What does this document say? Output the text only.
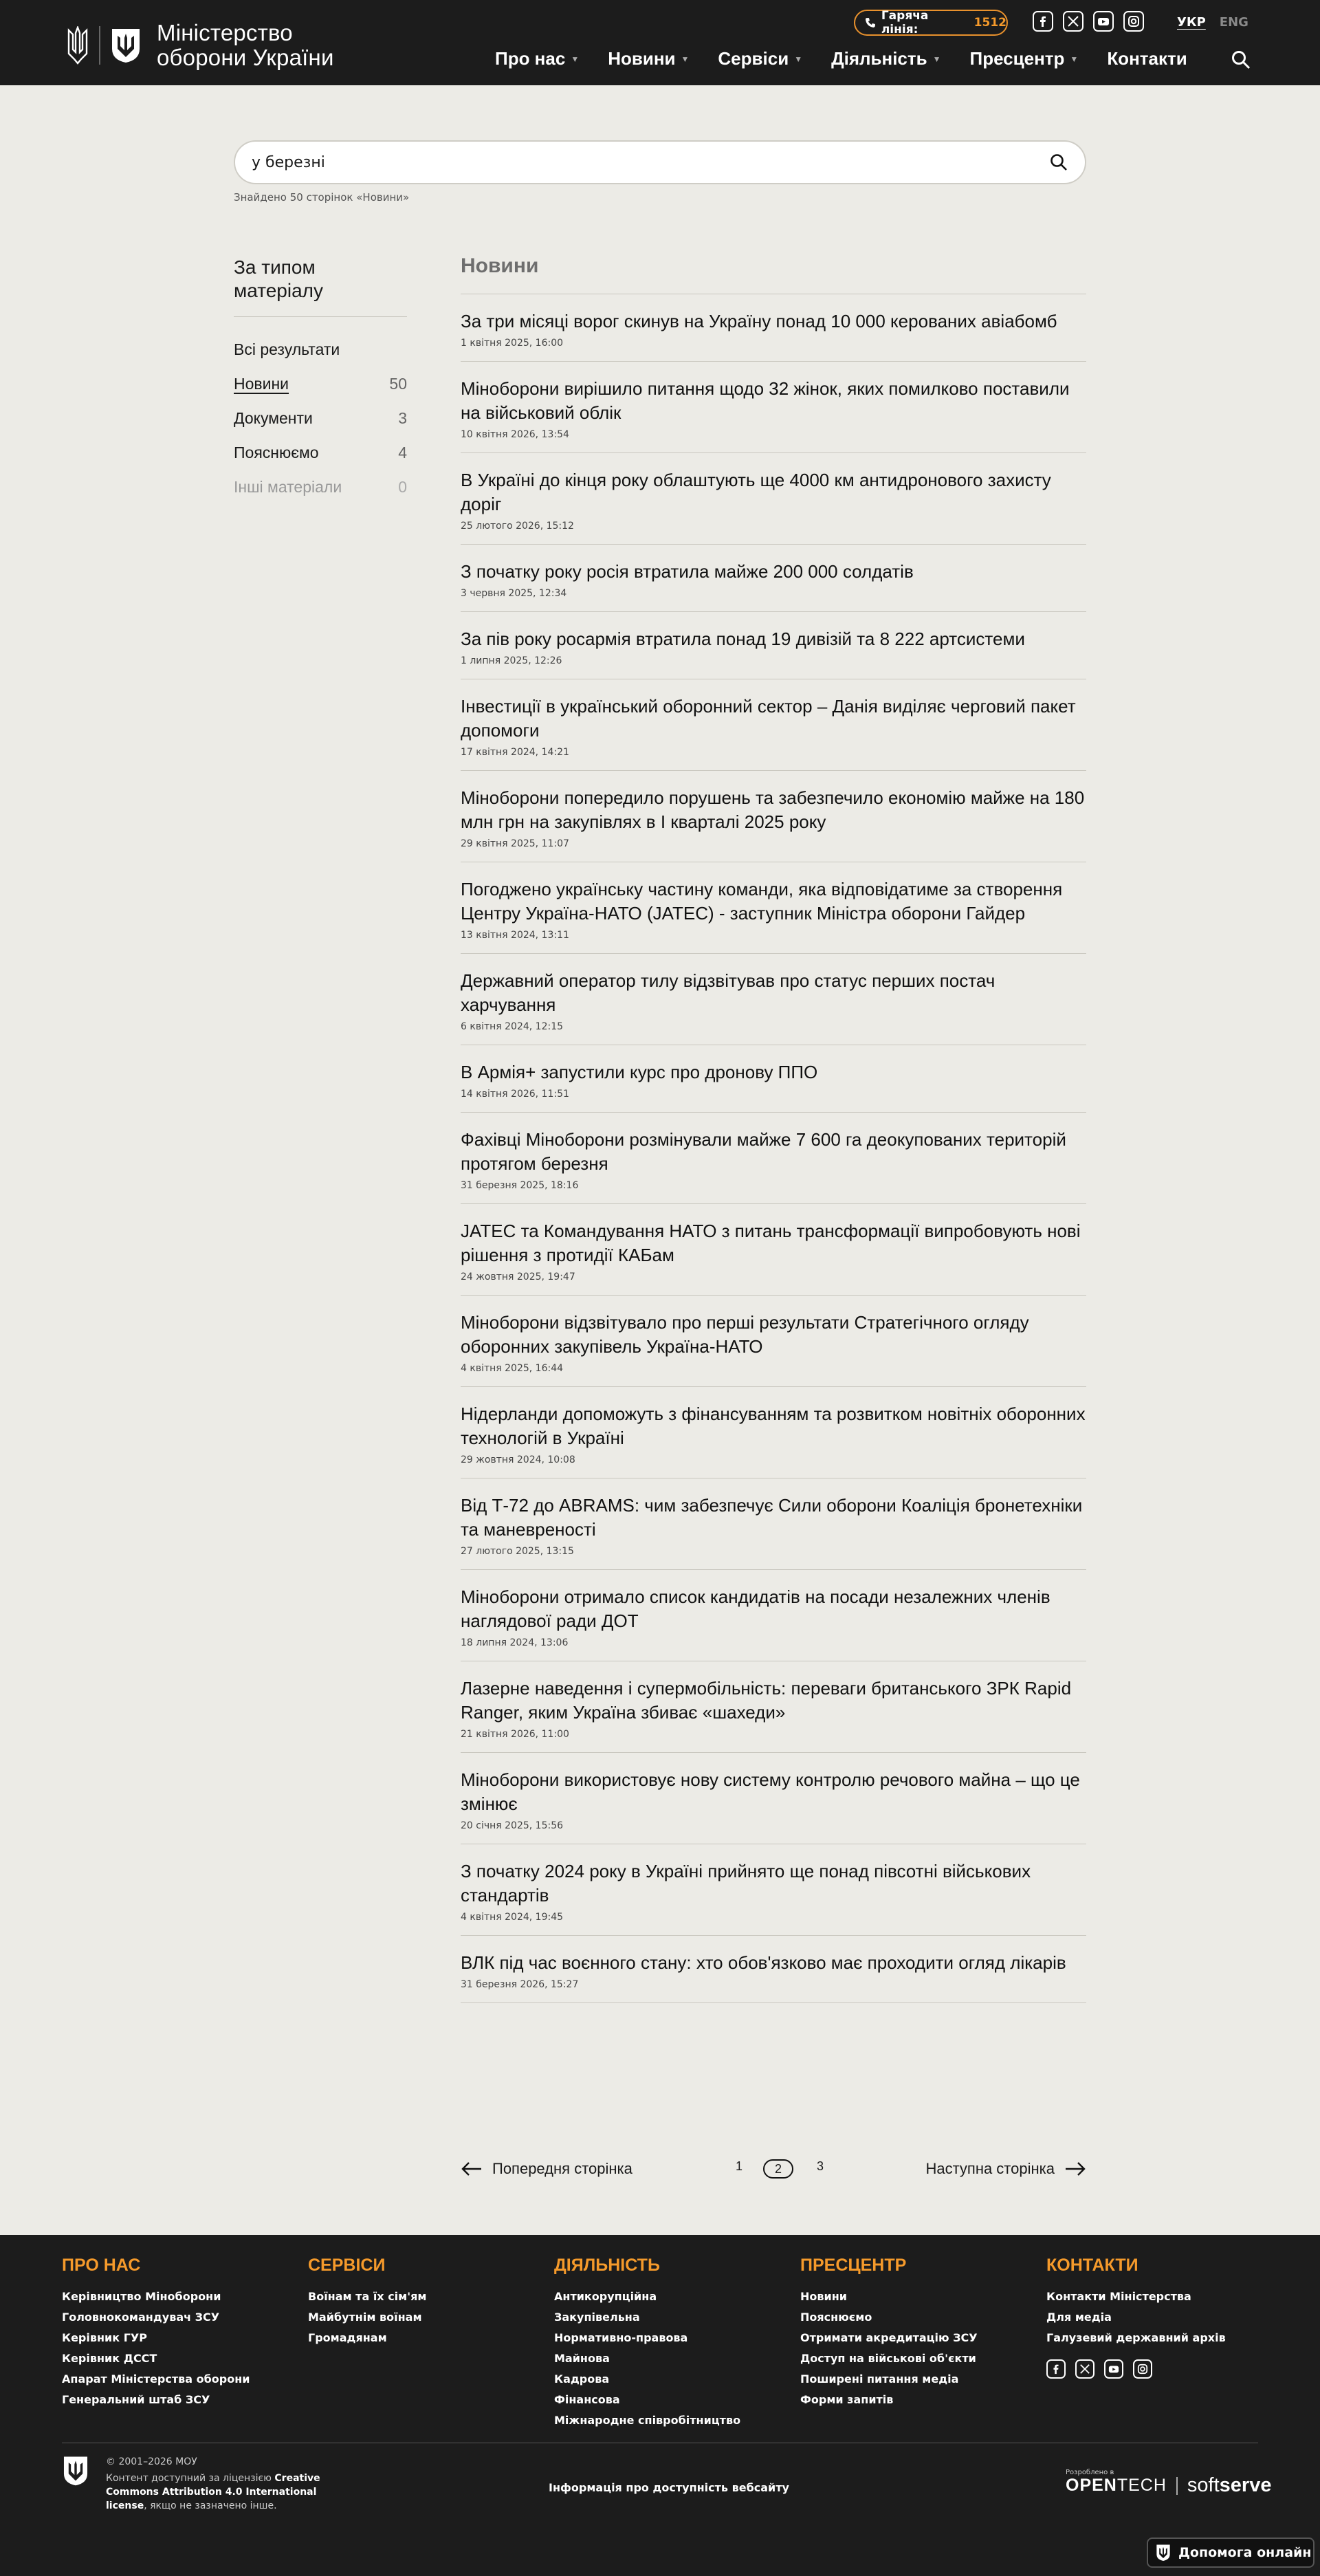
Міністерство
оборони України
Гаряча лінія:	1512	УКР ENG
Про нас ▼ Новини ▼ Сервіси ▼ Діяльність ▼ Пресцентр ▼ Контакти
у березні
Знайдено 50 сторінок «Новини»
За типом матеріалу
Всі результати
Новини	50
Документи	3
Пояснюємо	4
Інші матеріали	0
Новини
За три місяці ворог скинув на Україну понад 10 000 керованих авіабомб
1 квітня 2025, 16:00
Міноборони вирішило питання щодо 32 жінок, яких помилково поставили на військовий облік
10 квітня 2026, 13:54
В Україні до кінця року облаштують ще 4000 км антидронового захисту доріг
25 лютого 2026, 15:12
З початку року росія втратила майже 200 000 солдатів
3 червня 2025, 12:34
За пів року росармія втратила понад 19 дивізій та 8 222 артсистеми
1 липня 2025, 12:26
Інвестиції в український оборонний сектор – Данія виділяє черговий пакет допомоги
17 квітня 2024, 14:21
Міноборони попередило порушень та забезпечило економію майже на 180 млн грн на закупівлях в І кварталі 2025 року
29 квітня 2025, 11:07
Погоджено українську частину команди, яка відповідатиме за створення Центру Україна-НАТО (JATEC) - заступник Міністра оборони Гайдер
13 квітня 2024, 13:11
Державний оператор тилу відзвітував про статус перших постач харчування
6 квітня 2024, 12:15
В Армія+ запустили курс про дронову ППО
14 квітня 2026, 11:51
Фахівці Міноборони розмінували майже 7 600 га деокупованих територій протягом березня
31 березня 2025, 18:16
JATEC та Командування НАТО з питань трансформації випробовують нові рішення з протидії КАБам
24 жовтня 2025, 19:47
Міноборони відзвітувало про перші результати Стратегічного огляду оборонних закупівель Україна-НАТО
4 квітня 2025, 16:44
Нідерланди допоможуть з фінансуванням та розвитком новітніх оборонних технологій в Україні
29 жовтня 2024, 10:08
Від Т-72 до ABRAMS: чим забезпечує Сили оборони Коаліція бронетехніки та маневреності
27 лютого 2025, 13:15
Міноборони отримало список кандидатів на посади незалежних членів наглядової ради ДОТ
18 липня 2024, 13:06
Лазерне наведення і супермобільність: переваги британського ЗРК Rapid Ranger, яким Україна збиває «шахеди»
21 квітня 2026, 11:00
Міноборони використовує нову систему контролю речового майна – що це змінює
20 січня 2025, 15:56
З початку 2024 року в Україні прийнято ще понад півсотні військових стандартів
4 квітня 2024, 19:45
ВЛК під час воєнного стану: хто обов'язково має проходити огляд лікарів
31 березня 2026, 15:27
Попередня сторінка	1	2	3	Наступна сторінка
ПРО НАС
Керівництво Міноборони
Головнокомандувач ЗСУ
Керівник ГУР
Керівник ДССТ
Апарат Міністерства оборони
Генеральний штаб ЗСУ
СЕРВІСИ
Воїнам та їх сім'ям
Майбутнім воїнам
Громадянам
ДІЯЛЬНІСТЬ
Антикорупційна
Закупівельна
Нормативно-правова
Майнова
Кадрова
Фінансова
Міжнародне співробітництво
ПРЕСЦЕНТР
Новини
Пояснюємо
Отримати акредитацію ЗСУ
Доступ на військові об'єкти
Поширені питання медіа
Форми запитів
КОНТАКТИ
Контакти Міністерства
Для медіа
Галузевий державний архів
© 2001–2026 МОУ
Контент доступний за ліцензією Creative Commons Attribution 4.0 International license, якщо не зазначено інше.
Інформація про доступність вебсайту
Розроблено в
OPENTECH softserve
Допомога онлайн
